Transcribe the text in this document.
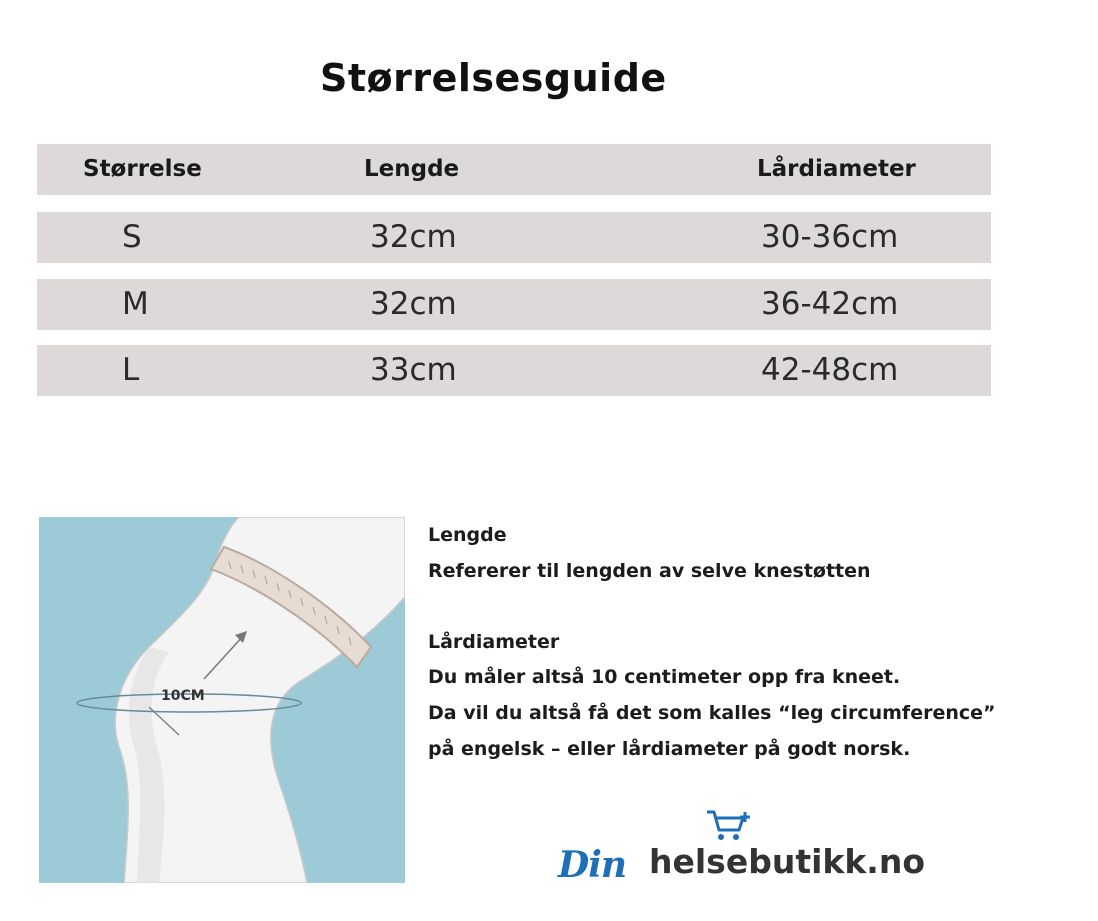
Størrelsesguide
Størrelse	Lengde	Lårdiameter
S	32cm	30-36cm
M	32cm	36-42cm
L	33cm	42-48cm
10CM
Lengde
Refererer til lengden av selve knestøtten
Lårdiameter
Du måler altså 10 centimeter opp fra kneet.
Da vil du altså få det som kalles “leg circumference”
på engelsk – eller lårdiameter på godt norsk.
Din helsebutikk.no
